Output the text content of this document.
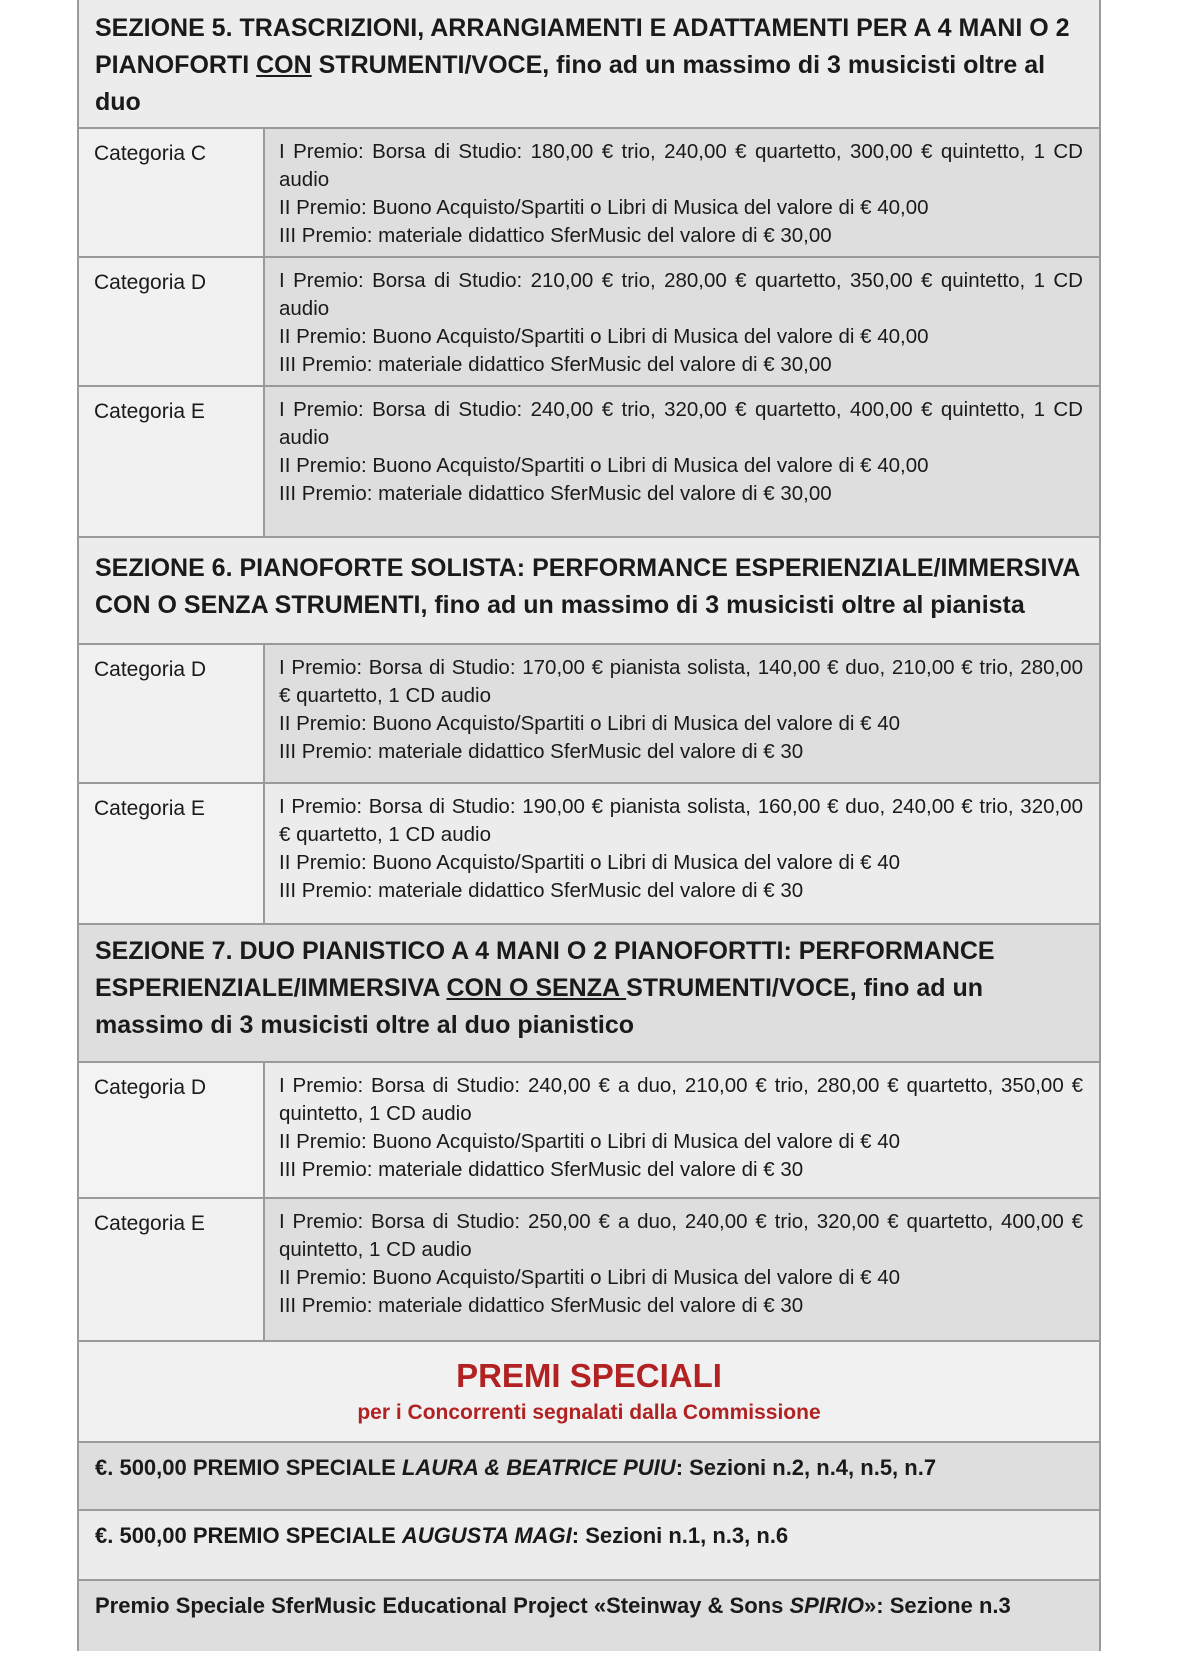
SEZIONE 5. TRASCRIZIONI, ARRANGIAMENTI E ADATTAMENTI PER A 4 MANI O 2 PIANOFORTI CON STRUMENTI/VOCE, fino ad un massimo di 3 musicisti oltre al duo
Categoria C	I Premio: Borsa di Studio: 180,00 € trio, 240,00 € quartetto, 300,00 € quintetto, 1 CD audio
II Premio: Buono Acquisto/Spartiti o Libri di Musica del valore di € 40,00
III Premio: materiale didattico SferMusic del valore di € 30,00
Categoria D	I Premio: Borsa di Studio: 210,00 € trio, 280,00 € quartetto, 350,00 € quintetto, 1 CD audio
II Premio: Buono Acquisto/Spartiti o Libri di Musica del valore di € 40,00
III Premio: materiale didattico SferMusic del valore di € 30,00
Categoria E	I Premio: Borsa di Studio: 240,00 € trio, 320,00 € quartetto, 400,00 € quintetto, 1 CD audio
II Premio: Buono Acquisto/Spartiti o Libri di Musica del valore di € 40,00
III Premio: materiale didattico SferMusic del valore di € 30,00
SEZIONE 6. PIANOFORTE SOLISTA: PERFORMANCE ESPERIENZIALE/IMMERSIVA CON O SENZA STRUMENTI, fino ad un massimo di 3 musicisti oltre al pianista
Categoria D	I Premio: Borsa di Studio: 170,00 € pianista solista, 140,00 € duo, 210,00 € trio, 280,00 € quartetto, 1 CD audio
II Premio: Buono Acquisto/Spartiti o Libri di Musica del valore di € 40
III Premio: materiale didattico SferMusic del valore di € 30
Categoria E	I Premio: Borsa di Studio: 190,00 € pianista solista, 160,00 € duo, 240,00 € trio, 320,00 € quartetto, 1 CD audio
II Premio: Buono Acquisto/Spartiti o Libri di Musica del valore di € 40
III Premio: materiale didattico SferMusic del valore di € 30
SEZIONE 7. DUO PIANISTICO A 4 MANI O 2 PIANOFORTTI: PERFORMANCE ESPERIENZIALE/IMMERSIVA CON O SENZA STRUMENTI/VOCE, fino ad un massimo di 3 musicisti oltre al duo pianistico
Categoria D	I Premio: Borsa di Studio: 240,00 € a duo, 210,00 € trio, 280,00 € quartetto, 350,00 € quintetto, 1 CD audio
II Premio: Buono Acquisto/Spartiti o Libri di Musica del valore di € 40
III Premio: materiale didattico SferMusic del valore di € 30
Categoria E	I Premio: Borsa di Studio: 250,00 € a duo, 240,00 € trio, 320,00 € quartetto, 400,00 € quintetto, 1 CD audio
II Premio: Buono Acquisto/Spartiti o Libri di Musica del valore di € 40
III Premio: materiale didattico SferMusic del valore di € 30
PREMI SPECIALI
per i Concorrenti segnalati dalla Commissione
€. 500,00 PREMIO SPECIALE LAURA & BEATRICE PUIU: Sezioni n.2, n.4, n.5, n.7
€. 500,00 PREMIO SPECIALE AUGUSTA MAGI: Sezioni n.1, n.3, n.6
Premio Speciale SferMusic Educational Project «Steinway & Sons SPIRIO»: Sezione n.3
